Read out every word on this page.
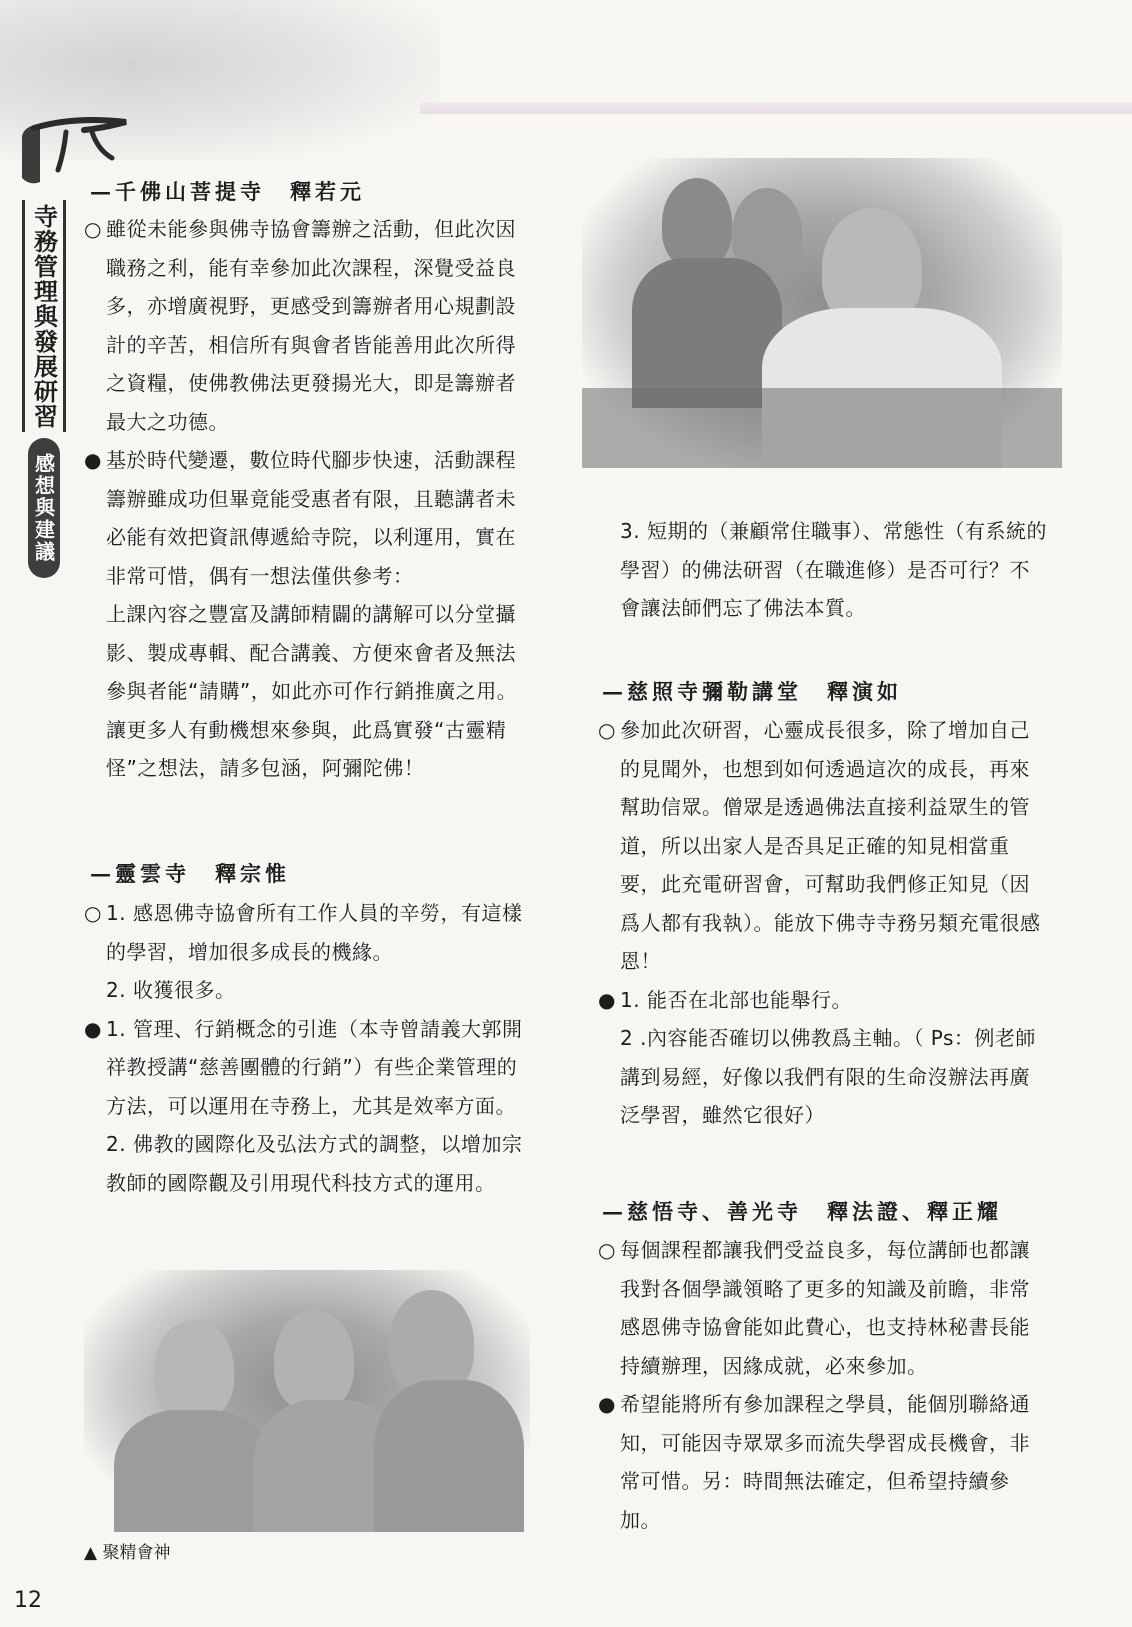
寺務管理與發展研習
感想與建議
—千佛山菩提寺　釋若元
○ 雖從未能參與佛寺協會籌辦之活動，但此次因職務之利，能有幸參加此次課程，深覺受益良多，亦增廣視野，更感受到籌辦者用心規劃設計的辛苦，相信所有與會者皆能善用此次所得之資糧，使佛教佛法更發揚光大，即是籌辦者最大之功德。
● 基於時代變遷，數位時代腳步快速，活動課程籌辦雖成功但畢竟能受惠者有限，且聽講者未必能有效把資訊傳遞給寺院，以利運用，實在非常可惜，偶有一想法僅供參考：
上課內容之豐富及講師精闢的講解可以分堂攝影、製成專輯、配合講義、方便來會者及無法參與者能“請購”，如此亦可作行銷推廣之用。讓更多人有動機想來參與，此爲實發“古靈精怪”之想法，請多包涵，阿彌陀佛！
—靈雲寺　釋宗惟
○ 1. 感恩佛寺協會所有工作人員的辛勞，有這樣的學習，增加很多成長的機緣。
2. 收獲很多。
● 1. 管理、行銷概念的引進（本寺曾請義大郭開祥教授講“慈善團體的行銷”）有些企業管理的方法，可以運用在寺務上，尤其是效率方面。
2. 佛教的國際化及弘法方式的調整，以增加宗教師的國際觀及引用現代科技方式的運用。
▲ 聚精會神
3. 短期的（兼顧常住職事）、常態性（有系統的學習）的佛法研習（在職進修）是否可行？不會讓法師們忘了佛法本質。
—慈照寺彌勒講堂　釋演如
○ 參加此次研習，心靈成長很多，除了增加自己的見聞外，也想到如何透過這次的成長，再來幫助信眾。僧眾是透過佛法直接利益眾生的管道，所以出家人是否具足正確的知見相當重要，此充電研習會，可幫助我們修正知見（因爲人都有我執）。能放下佛寺寺務另類充電很感恩！
● 1. 能否在北部也能舉行。
2 .內容能否確切以佛教爲主軸。（ Ps：例老師講到易經，好像以我們有限的生命沒辦法再廣泛學習，雖然它很好）
—慈悟寺、善光寺　釋法證、釋正耀
○ 每個課程都讓我們受益良多，每位講師也都讓我對各個學識領略了更多的知識及前瞻，非常感恩佛寺協會能如此費心，也支持林秘書長能持續辦理，因緣成就，必來參加。
● 希望能將所有參加課程之學員，能個別聯絡通知，可能因寺眾眾多而流失學習成長機會，非常可惜。另：時間無法確定，但希望持續參加。
12
